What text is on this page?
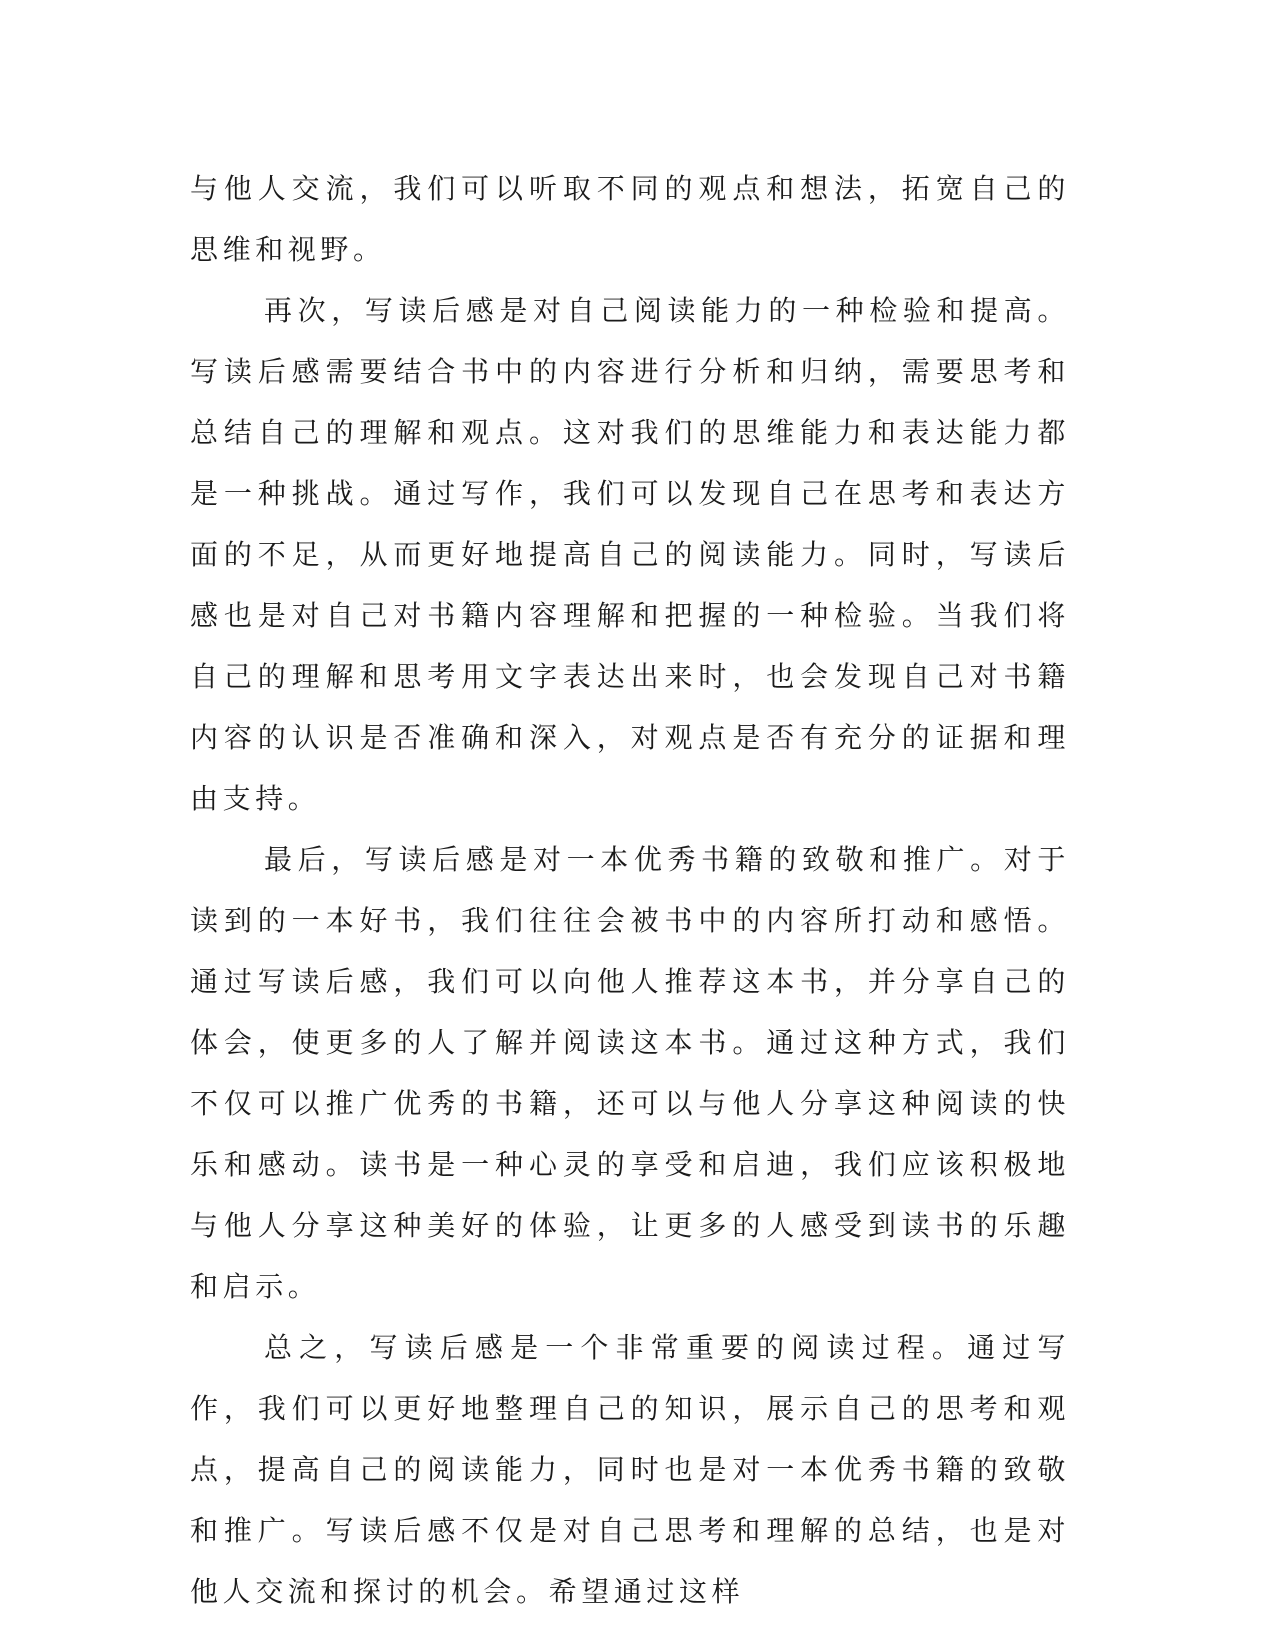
与他人交流，我们可以听取不同的观点和想法，拓宽自己的思维和视野。

再次，写读后感是对自己阅读能力的一种检验和提高。写读后感需要结合书中的内容进行分析和归纳，需要思考和总结自己的理解和观点。这对我们的思维能力和表达能力都是一种挑战。通过写作，我们可以发现自己在思考和表达方面的不足，从而更好地提高自己的阅读能力。同时，写读后感也是对自己对书籍内容理解和把握的一种检验。当我们将自己的理解和思考用文字表达出来时，也会发现自己对书籍内容的认识是否准确和深入，对观点是否有充分的证据和理由支持。

最后，写读后感是对一本优秀书籍的致敬和推广。对于读到的一本好书，我们往往会被书中的内容所打动和感悟。通过写读后感，我们可以向他人推荐这本书，并分享自己的体会，使更多的人了解并阅读这本书。通过这种方式，我们不仅可以推广优秀的书籍，还可以与他人分享这种阅读的快乐和感动。读书是一种心灵的享受和启迪，我们应该积极地与他人分享这种美好的体验，让更多的人感受到读书的乐趣和启示。

总之，写读后感是一个非常重要的阅读过程。通过写作，我们可以更好地整理自己的知识，展示自己的思考和观点，提高自己的阅读能力，同时也是对一本优秀书籍的致敬和推广。写读后感不仅是对自己思考和理解的总结，也是对他人交流和探讨的机会。希望通过这样
